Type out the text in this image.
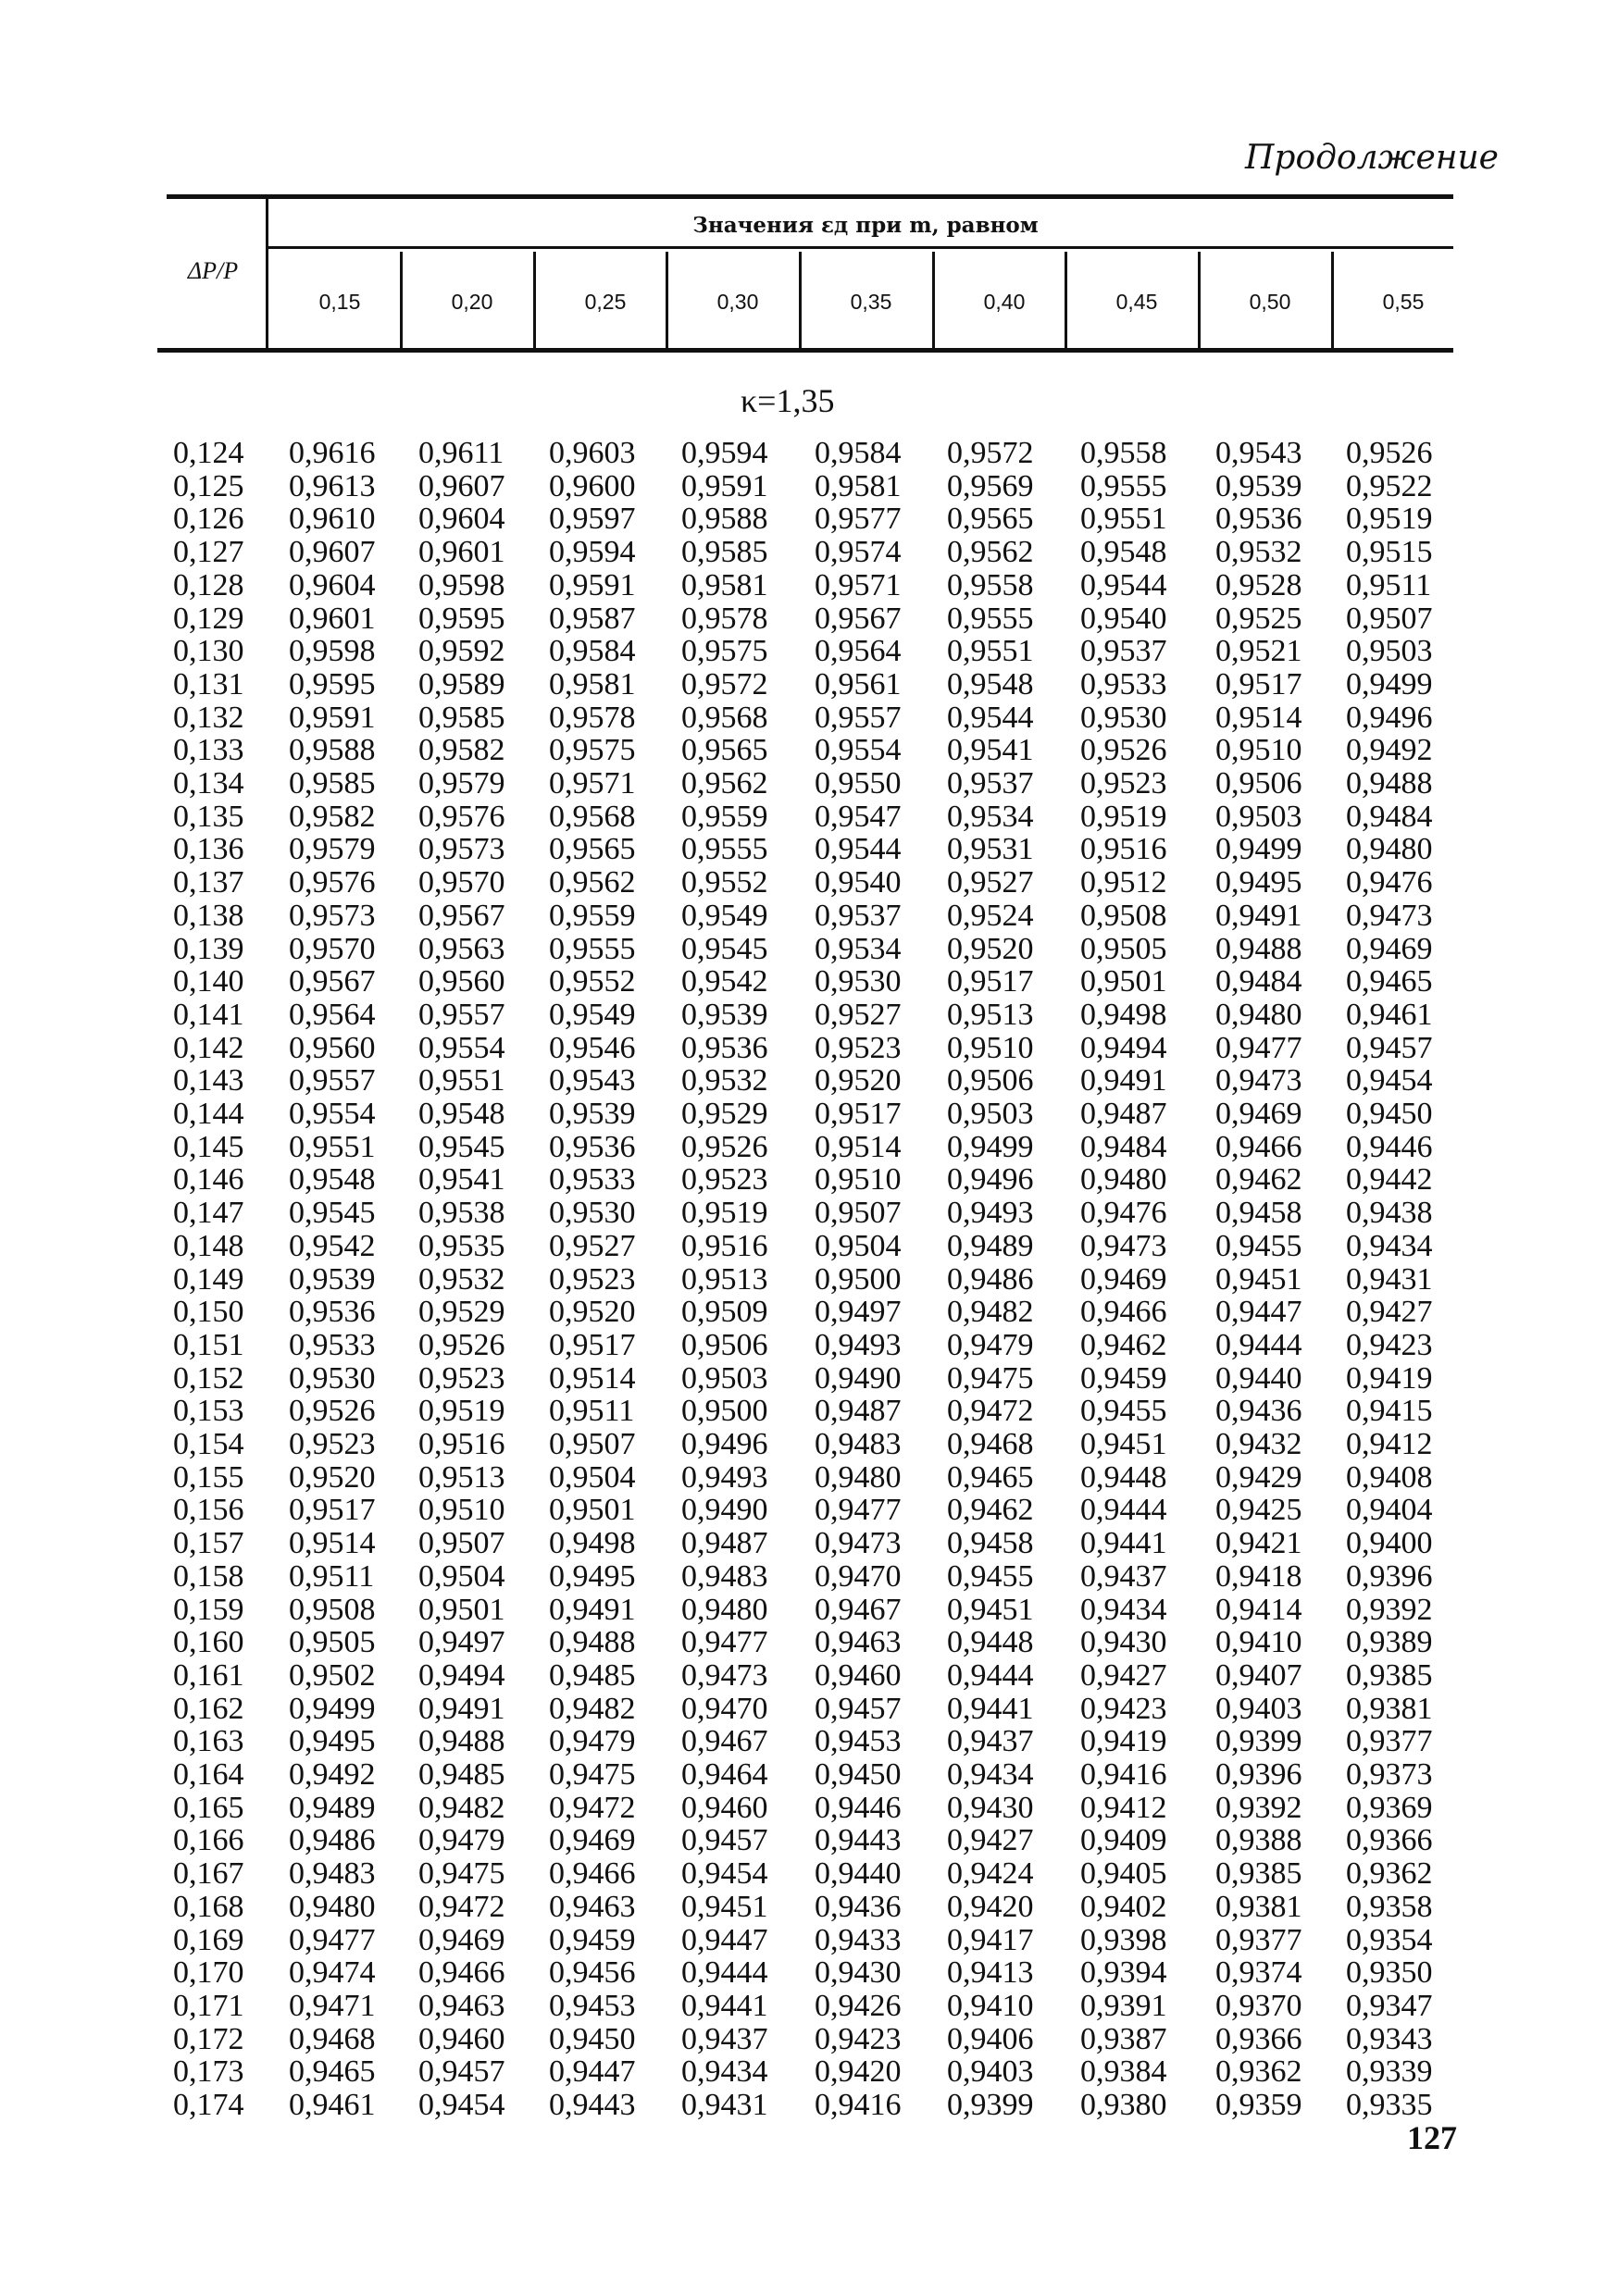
Продолжение
ΔP/P
Значения εд при m, равном
0,15	0,20	0,25	0,30	0,35	0,40	0,45	0,50	0,55
κ=1,35
0,124 0,9616 0,9611 0,9603 0,9594 0,9584 0,9572 0,9558 0,9543 0,9526
0,125 0,9613 0,9607 0,9600 0,9591 0,9581 0,9569 0,9555 0,9539 0,9522
0,126 0,9610 0,9604 0,9597 0,9588 0,9577 0,9565 0,9551 0,9536 0,9519
0,127 0,9607 0,9601 0,9594 0,9585 0,9574 0,9562 0,9548 0,9532 0,9515
0,128 0,9604 0,9598 0,9591 0,9581 0,9571 0,9558 0,9544 0,9528 0,9511
0,129 0,9601 0,9595 0,9587 0,9578 0,9567 0,9555 0,9540 0,9525 0,9507
0,130 0,9598 0,9592 0,9584 0,9575 0,9564 0,9551 0,9537 0,9521 0,9503
0,131 0,9595 0,9589 0,9581 0,9572 0,9561 0,9548 0,9533 0,9517 0,9499
0,132 0,9591 0,9585 0,9578 0,9568 0,9557 0,9544 0,9530 0,9514 0,9496
0,133 0,9588 0,9582 0,9575 0,9565 0,9554 0,9541 0,9526 0,9510 0,9492
0,134 0,9585 0,9579 0,9571 0,9562 0,9550 0,9537 0,9523 0,9506 0,9488
0,135 0,9582 0,9576 0,9568 0,9559 0,9547 0,9534 0,9519 0,9503 0,9484
0,136 0,9579 0,9573 0,9565 0,9555 0,9544 0,9531 0,9516 0,9499 0,9480
0,137 0,9576 0,9570 0,9562 0,9552 0,9540 0,9527 0,9512 0,9495 0,9476
0,138 0,9573 0,9567 0,9559 0,9549 0,9537 0,9524 0,9508 0,9491 0,9473
0,139 0,9570 0,9563 0,9555 0,9545 0,9534 0,9520 0,9505 0,9488 0,9469
0,140 0,9567 0,9560 0,9552 0,9542 0,9530 0,9517 0,9501 0,9484 0,9465
0,141 0,9564 0,9557 0,9549 0,9539 0,9527 0,9513 0,9498 0,9480 0,9461
0,142 0,9560 0,9554 0,9546 0,9536 0,9523 0,9510 0,9494 0,9477 0,9457
0,143 0,9557 0,9551 0,9543 0,9532 0,9520 0,9506 0,9491 0,9473 0,9454
0,144 0,9554 0,9548 0,9539 0,9529 0,9517 0,9503 0,9487 0,9469 0,9450
0,145 0,9551 0,9545 0,9536 0,9526 0,9514 0,9499 0,9484 0,9466 0,9446
0,146 0,9548 0,9541 0,9533 0,9523 0,9510 0,9496 0,9480 0,9462 0,9442
0,147 0,9545 0,9538 0,9530 0,9519 0,9507 0,9493 0,9476 0,9458 0,9438
0,148 0,9542 0,9535 0,9527 0,9516 0,9504 0,9489 0,9473 0,9455 0,9434
0,149 0,9539 0,9532 0,9523 0,9513 0,9500 0,9486 0,9469 0,9451 0,9431
0,150 0,9536 0,9529 0,9520 0,9509 0,9497 0,9482 0,9466 0,9447 0,9427
0,151 0,9533 0,9526 0,9517 0,9506 0,9493 0,9479 0,9462 0,9444 0,9423
0,152 0,9530 0,9523 0,9514 0,9503 0,9490 0,9475 0,9459 0,9440 0,9419
0,153 0,9526 0,9519 0,9511 0,9500 0,9487 0,9472 0,9455 0,9436 0,9415
0,154 0,9523 0,9516 0,9507 0,9496 0,9483 0,9468 0,9451 0,9432 0,9412
0,155 0,9520 0,9513 0,9504 0,9493 0,9480 0,9465 0,9448 0,9429 0,9408
0,156 0,9517 0,9510 0,9501 0,9490 0,9477 0,9462 0,9444 0,9425 0,9404
0,157 0,9514 0,9507 0,9498 0,9487 0,9473 0,9458 0,9441 0,9421 0,9400
0,158 0,9511 0,9504 0,9495 0,9483 0,9470 0,9455 0,9437 0,9418 0,9396
0,159 0,9508 0,9501 0,9491 0,9480 0,9467 0,9451 0,9434 0,9414 0,9392
0,160 0,9505 0,9497 0,9488 0,9477 0,9463 0,9448 0,9430 0,9410 0,9389
0,161 0,9502 0,9494 0,9485 0,9473 0,9460 0,9444 0,9427 0,9407 0,9385
0,162 0,9499 0,9491 0,9482 0,9470 0,9457 0,9441 0,9423 0,9403 0,9381
0,163 0,9495 0,9488 0,9479 0,9467 0,9453 0,9437 0,9419 0,9399 0,9377
0,164 0,9492 0,9485 0,9475 0,9464 0,9450 0,9434 0,9416 0,9396 0,9373
0,165 0,9489 0,9482 0,9472 0,9460 0,9446 0,9430 0,9412 0,9392 0,9369
0,166 0,9486 0,9479 0,9469 0,9457 0,9443 0,9427 0,9409 0,9388 0,9366
0,167 0,9483 0,9475 0,9466 0,9454 0,9440 0,9424 0,9405 0,9385 0,9362
0,168 0,9480 0,9472 0,9463 0,9451 0,9436 0,9420 0,9402 0,9381 0,9358
0,169 0,9477 0,9469 0,9459 0,9447 0,9433 0,9417 0,9398 0,9377 0,9354
0,170 0,9474 0,9466 0,9456 0,9444 0,9430 0,9413 0,9394 0,9374 0,9350
0,171 0,9471 0,9463 0,9453 0,9441 0,9426 0,9410 0,9391 0,9370 0,9347
0,172 0,9468 0,9460 0,9450 0,9437 0,9423 0,9406 0,9387 0,9366 0,9343
0,173 0,9465 0,9457 0,9447 0,9434 0,9420 0,9403 0,9384 0,9362 0,9339
0,174 0,9461 0,9454 0,9443 0,9431 0,9416 0,9399 0,9380 0,9359 0,9335
127
